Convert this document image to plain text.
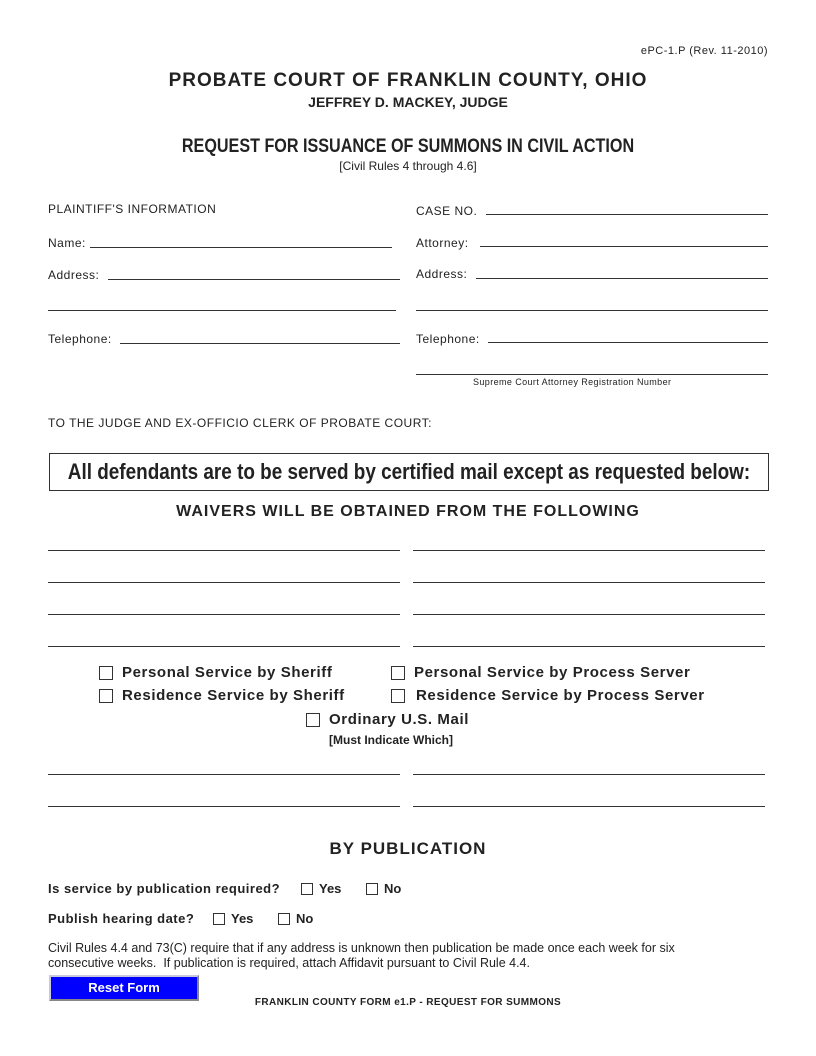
ePC-1.P (Rev. 11-2010)
PROBATE COURT OF FRANKLIN COUNTY, OHIO
JEFFREY D. MACKEY, JUDGE
REQUEST FOR ISSUANCE OF SUMMONS IN CIVIL ACTION
[Civil Rules 4 through 4.6]
PLAINTIFF'S INFORMATION
Name:
Address:
Telephone:
CASE NO.
Attorney:
Address:
Telephone:
Supreme Court Attorney Registration Number
TO THE JUDGE AND EX-OFFICIO CLERK OF PROBATE COURT:
All defendants are to be served by certified mail except as requested below:
WAIVERS WILL BE OBTAINED FROM THE FOLLOWING
Personal Service by Sheriff	Personal Service by Process Server
Residence Service by Sheriff	Residence Service by Process Server
Ordinary U.S. Mail
[Must Indicate Which]
BY PUBLICATION
Is service by publication required?	Yes	No
Publish hearing date?	Yes	No
Civil Rules 4.4 and 73(C) require that if any address is unknown then publication be made once each week for six
consecutive weeks.  If publication is required, attach Affidavit pursuant to Civil Rule 4.4.
Reset Form
FRANKLIN COUNTY FORM e1.P - REQUEST FOR SUMMONS
